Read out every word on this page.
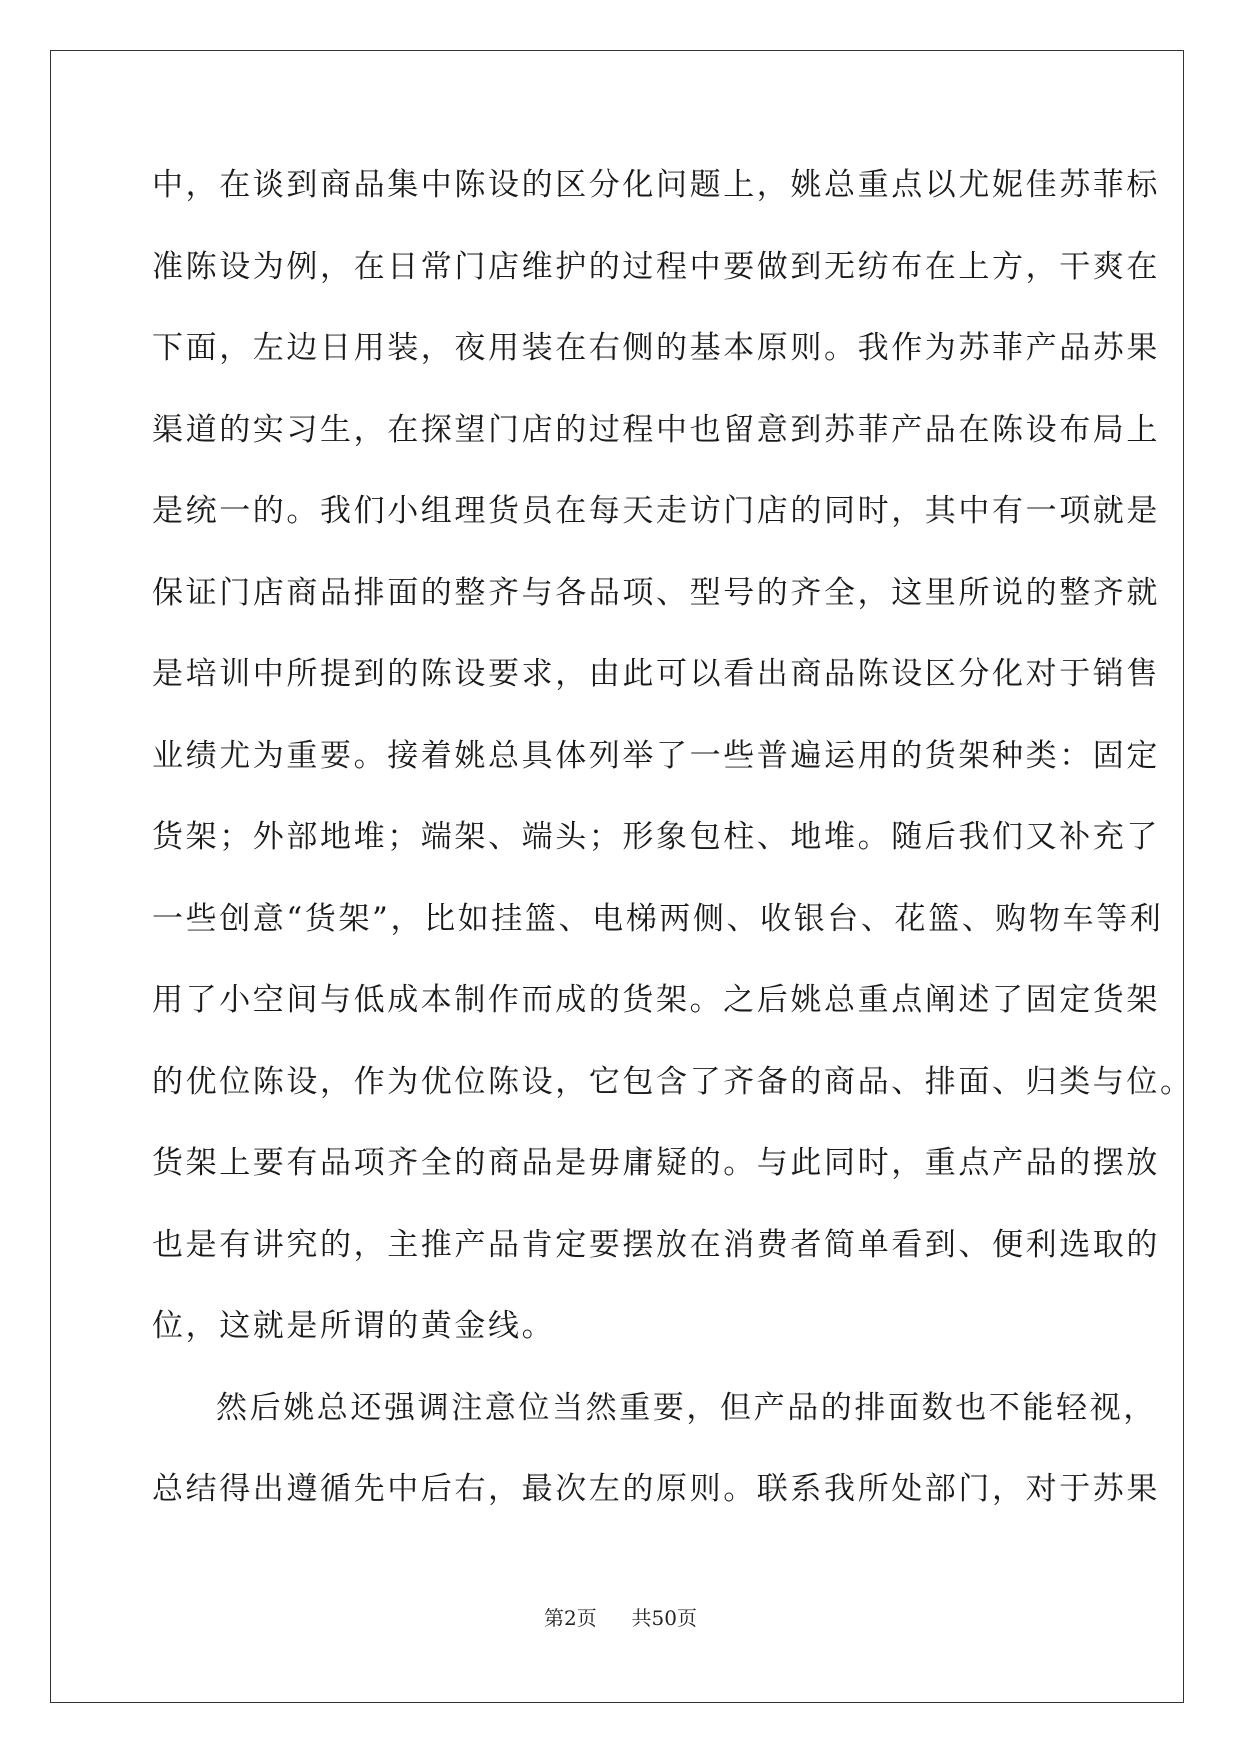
中，在谈到商品集中陈设的区分化问题上，姚总重点以尤妮佳苏菲标
准陈设为例，在日常门店维护的过程中要做到无纺布在上方，干爽在
下面，左边日用装，夜用装在右侧的基本原则。我作为苏菲产品苏果
渠道的实习生，在探望门店的过程中也留意到苏菲产品在陈设布局上
是统一的。我们小组理货员在每天走访门店的同时，其中有一项就是
保证门店商品排面的整齐与各品项、型号的齐全，这里所说的整齐就
是培训中所提到的陈设要求，由此可以看出商品陈设区分化对于销售
业绩尤为重要。接着姚总具体列举了一些普遍运用的货架种类：固定
货架；外部地堆；端架、端头；形象包柱、地堆。随后我们又补充了
一些创意“货架”，比如挂篮、电梯两侧、收银台、花篮、购物车等利
用了小空间与低成本制作而成的货架。之后姚总重点阐述了固定货架
的优位陈设，作为优位陈设，它包含了齐备的商品、排面、归类与位。
货架上要有品项齐全的商品是毋庸疑的。与此同时，重点产品的摆放
也是有讲究的，主推产品肯定要摆放在消费者简单看到、便利选取的
位，这就是所谓的黄金线。
然后姚总还强调注意位当然重要，但产品的排面数也不能轻视，
总结得出遵循先中后右，最次左的原则。联系我所处部门，对于苏果
第2页 共50页
